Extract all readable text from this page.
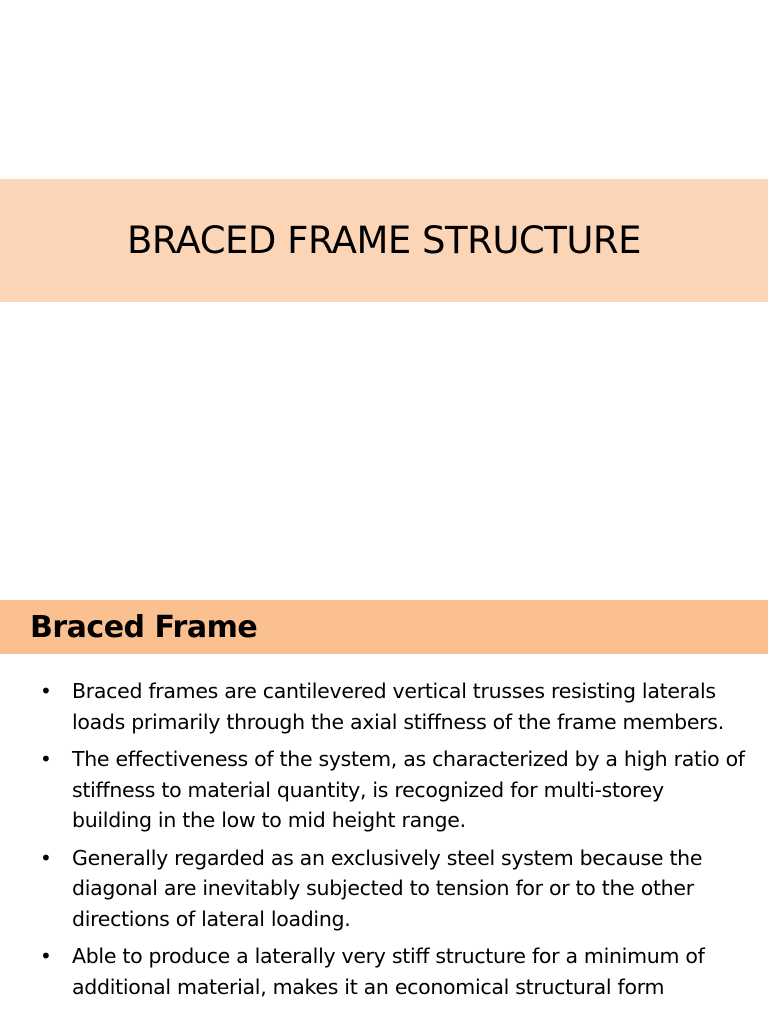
BRACED FRAME STRUCTURE
Braced Frame
• Braced frames are cantilevered vertical trusses resisting laterals loads primarily through the axial stiffness of the frame members.
• The effectiveness of the system, as characterized by a high ratio of stiffness to material quantity, is recognized for multi-storey building in the low to mid height range.
• Generally regarded as an exclusively steel system because the diagonal are inevitably subjected to tension for or to the other directions of lateral loading.
• Able to produce a laterally very stiff structure for a minimum of additional material, makes it an economical structural form
